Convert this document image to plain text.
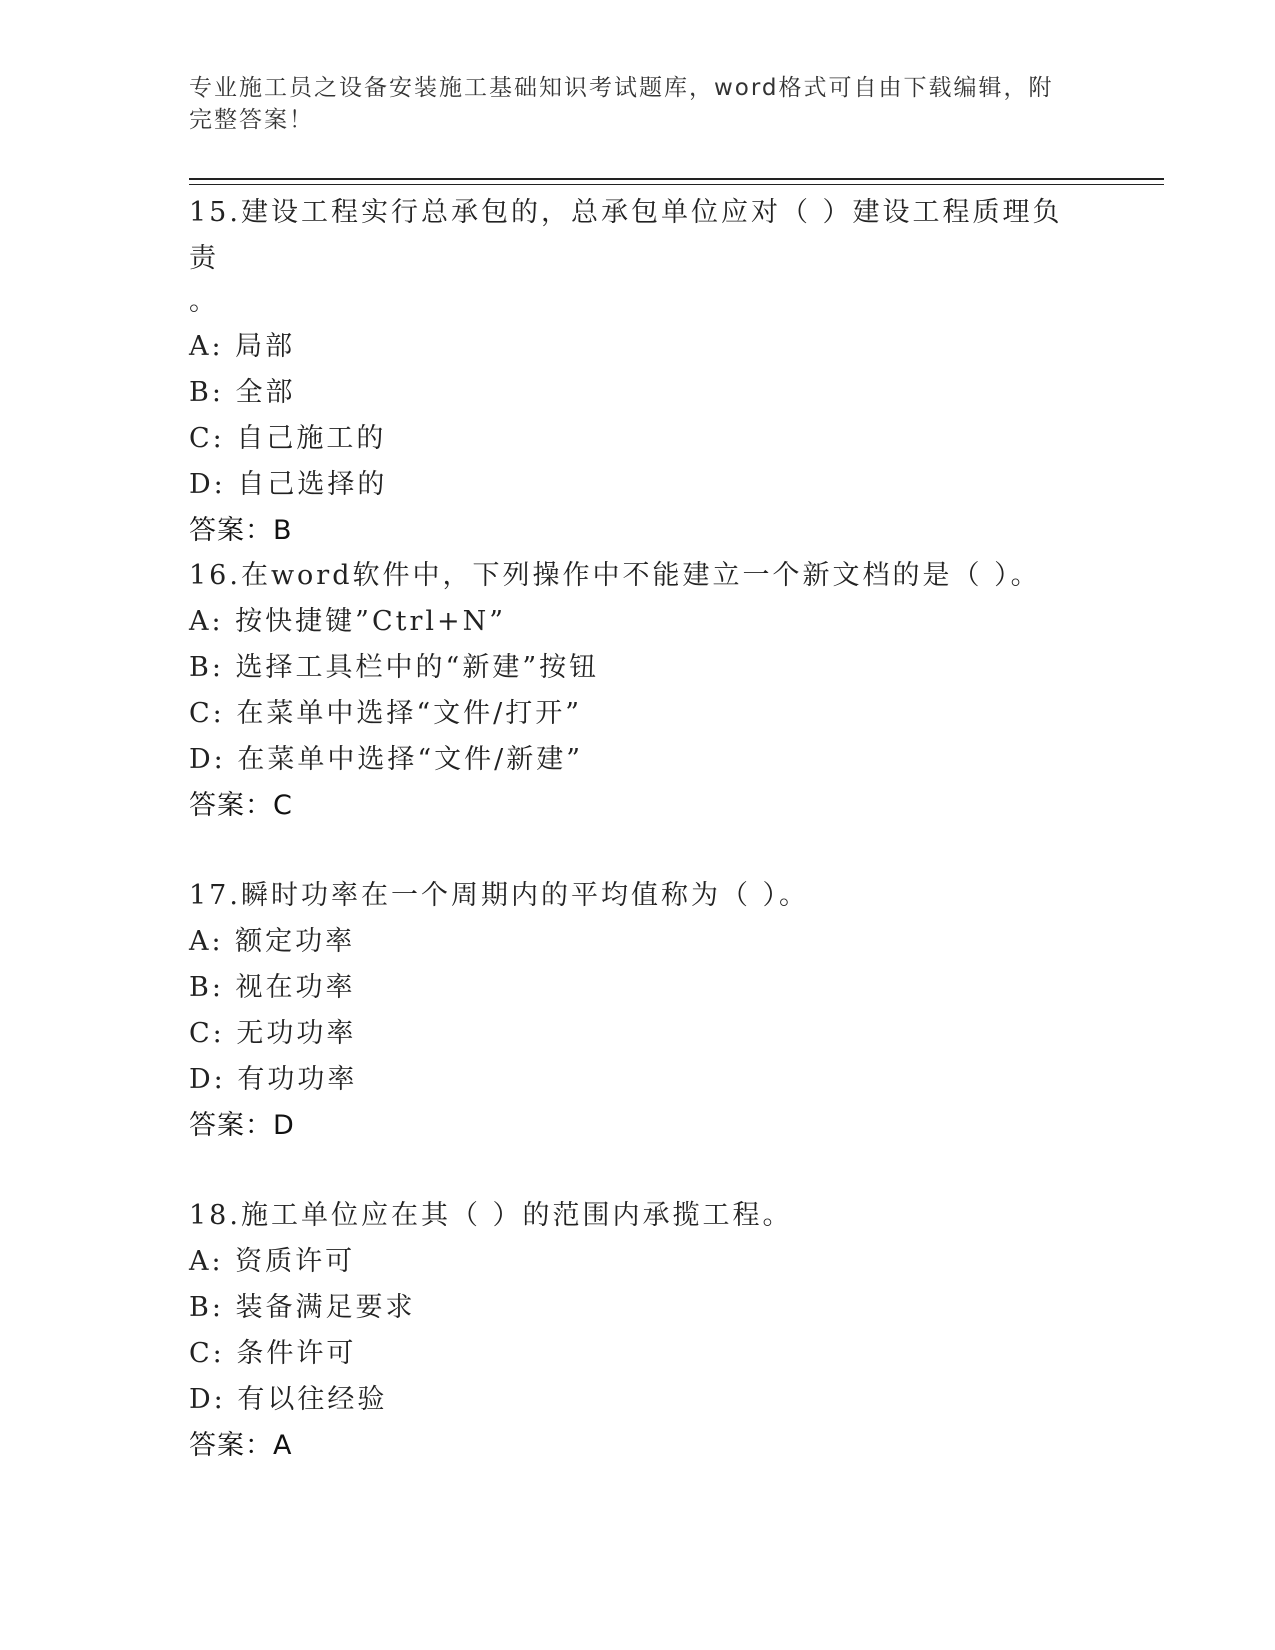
专业施工员之设备安装施工基础知识考试题库，word格式可自由下载编辑，附完整答案！

15.建设工程实行总承包的，总承包单位应对（ ）建设工程质理负责

。

A: 局部

B: 全部

C: 自己施工的

D: 自己选择的

答案：B

16.在word软件中，下列操作中不能建立一个新文档的是（ ）。

A: 按快捷键”Ctrl+N”

B: 选择工具栏中的“新建”按钮

C: 在菜单中选择“文件/打开”

D: 在菜单中选择“文件/新建”

答案：C

17.瞬时功率在一个周期内的平均值称为（ ）。

A: 额定功率

B: 视在功率

C: 无功功率

D: 有功功率

答案：D

18.施工单位应在其（ ）的范围内承揽工程。

A: 资质许可

B: 装备满足要求

C: 条件许可

D: 有以往经验

答案：A
